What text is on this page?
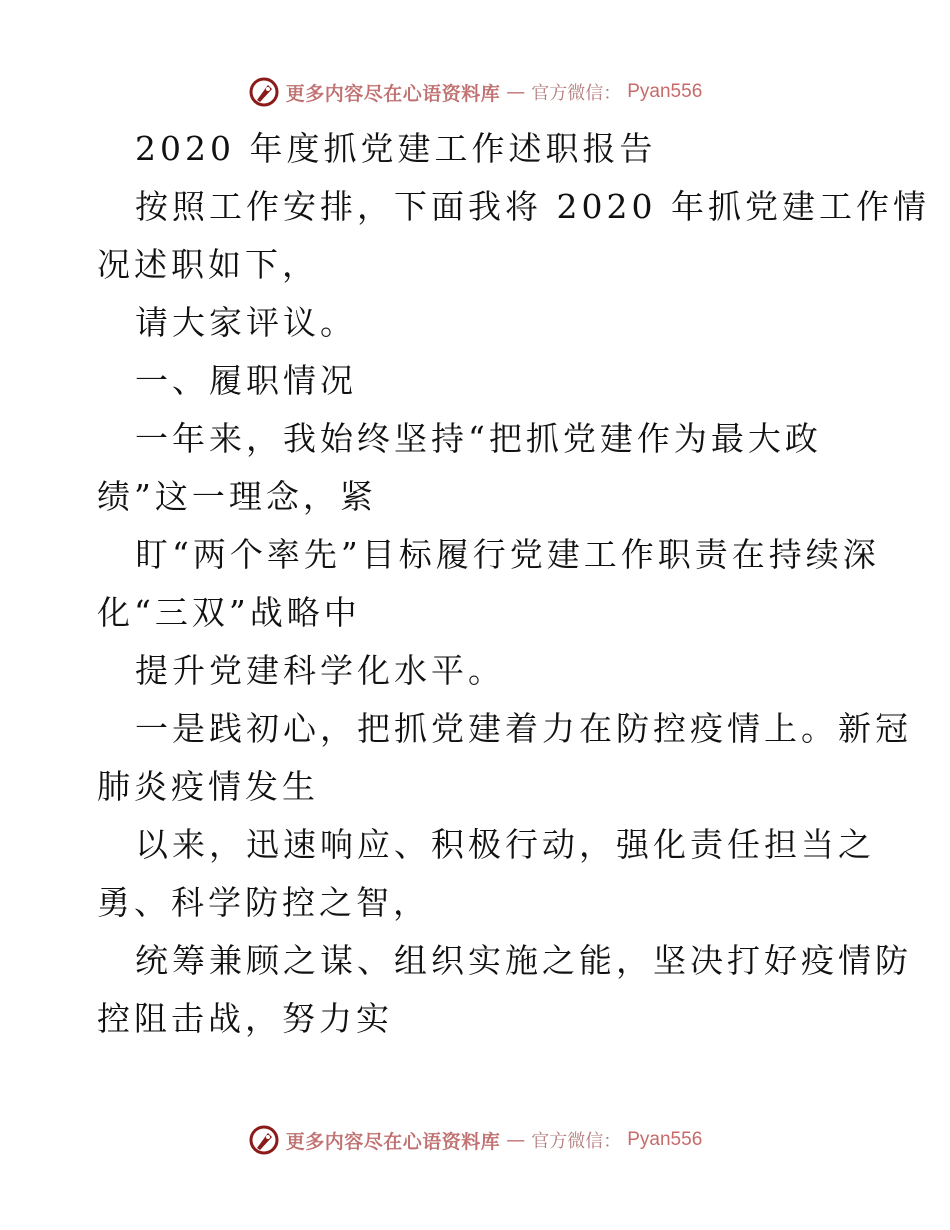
更多内容尽在心语资料库 — 官方微信： Pyan556
2020 年度抓党建工作述职报告
按照工作安排，下面我将 2020 年抓党建工作情
况述职如下，
请大家评议。
一、履职情况
一年来，我始终坚持“把抓党建作为最大政
绩”这一理念，紧
盯“两个率先”目标履行党建工作职责在持续深
化“三双”战略中
提升党建科学化水平。
一是践初心，把抓党建着力在防控疫情上。新冠
肺炎疫情发生
以来，迅速响应、积极行动，强化责任担当之
勇、科学防控之智，
统筹兼顾之谋、组织实施之能，坚决打好疫情防
控阻击战，努力实
更多内容尽在心语资料库 — 官方微信： Pyan556
